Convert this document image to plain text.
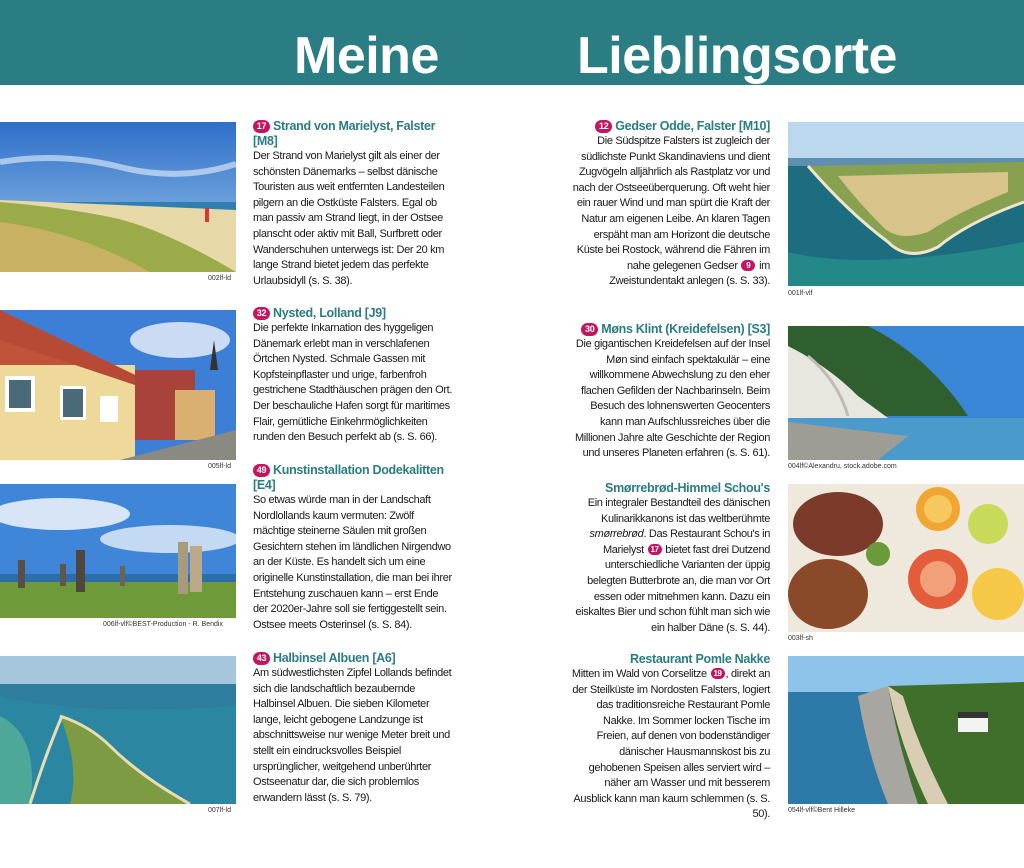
Meine	Lieblingsorte
002lf-ld
17 Strand von Marielyst, Falster [M8]
Der Strand von Marielyst gilt als einer der schönsten Dänemarks – selbst dänische Touristen aus weit entfernten Landesteilen pilgern an die Ostküste Falsters. Egal ob man passiv am Strand liegt, in der Ostsee planscht oder aktiv mit Ball, Surfbrett oder Wanderschuhen unterwegs ist: Der 20 km lange Strand bietet jedem das perfekte Urlaubsidyll (s. S. 38).
005lf-ld
32 Nysted, Lolland [J9]
Die perfekte Inkarnation des hyggeligen Dänemark erlebt man in verschlafenen Örtchen Nysted. Schmale Gassen mit Kopfsteinpflaster und urige, farbenfroh gestrichene Stadthäuschen prägen den Ort. Der beschauliche Hafen sorgt für maritimes Flair, gemütliche Einkehrmöglichkeiten runden den Besuch perfekt ab (s. S. 66).
006lf-vlf©BEST-Production - R. Bendix
49 Kunstinstallation Dodekalitten [E4]
So etwas würde man in der Landschaft Nordlollands kaum vermuten: Zwölf mächtige steinerne Säulen mit großen Gesichtern stehen im ländlichen Nirgendwo an der Küste. Es handelt sich um eine originelle Kunstinstallation, die man bei ihrer Entstehung zuschauen kann – erst Ende der 2020er-Jahre soll sie fertiggestellt sein. Ostsee meets Osterinsel (s. S. 84).
007lf-ld
43 Halbinsel Albuen [A6]
Am südwestlichsten Zipfel Lollands befindet sich die landschaftlich bezaubernde Halbinsel Albuen. Die sieben Kilometer lange, leicht gebogene Landzunge ist abschnittsweise nur wenige Meter breit und stellt ein eindrucksvolles Beispiel ursprünglicher, weitgehend unberührter Ostseenatur dar, die sich problemlos erwandern lässt (s. S. 79).
12 Gedser Odde, Falster [M10]
Die Südspitze Falsters ist zugleich der südlichste Punkt Skandinaviens und dient Zugvögeln alljährlich als Rastplatz vor und nach der Ostseeüberquerung. Oft weht hier ein rauer Wind und man spürt die Kraft der Natur am eigenen Leibe. An klaren Tagen erspäht man am Horizont die deutsche Küste bei Rostock, während die Fähren im nahe gelegenen Gedser 9 im Zweistundentakt anlegen (s. S. 33).
001lf-vlf
30 Møns Klint (Kreidefelsen) [S3]
Die gigantischen Kreidefelsen auf der Insel Møn sind einfach spektakulär – eine willkommene Abwechslung zu den eher flachen Gefilden der Nachbarinseln. Beim Besuch des lohnenswerten Geocenters kann man Aufschlussreiches über die Millionen Jahre alte Geschichte der Region und unseres Planeten erfahren (s. S. 61).
004lf©Alexandru, stock.adobe.com
Smørrebrød-Himmel Schou's
Ein integraler Bestandteil des dänischen Kulinarikkanons ist das weltberühmte smørrebrød. Das Restaurant Schou's in Marielyst 17 bietet fast drei Dutzend unterschiedliche Varianten der üppig belegten Butterbrote an, die man vor Ort essen oder mitnehmen kann. Dazu ein eiskaltes Bier und schon fühlt man sich wie ein halber Däne (s. S. 44).
003lf-sh
Restaurant Pomle Nakke
Mitten im Wald von Corselitze 19 , direkt an der Steilküste im Nordosten Falsters, logiert das traditionsreiche Restaurant Pomle Nakke. Im Sommer locken Tische im Freien, auf denen von bodenständiger dänischer Hausmannskost bis zu gehobenen Speisen alles serviert wird – näher am Wasser und mit besserem Ausblick kann man kaum schlemmen (s. S. 50).	054lf-vlf©Bent Hilleke
